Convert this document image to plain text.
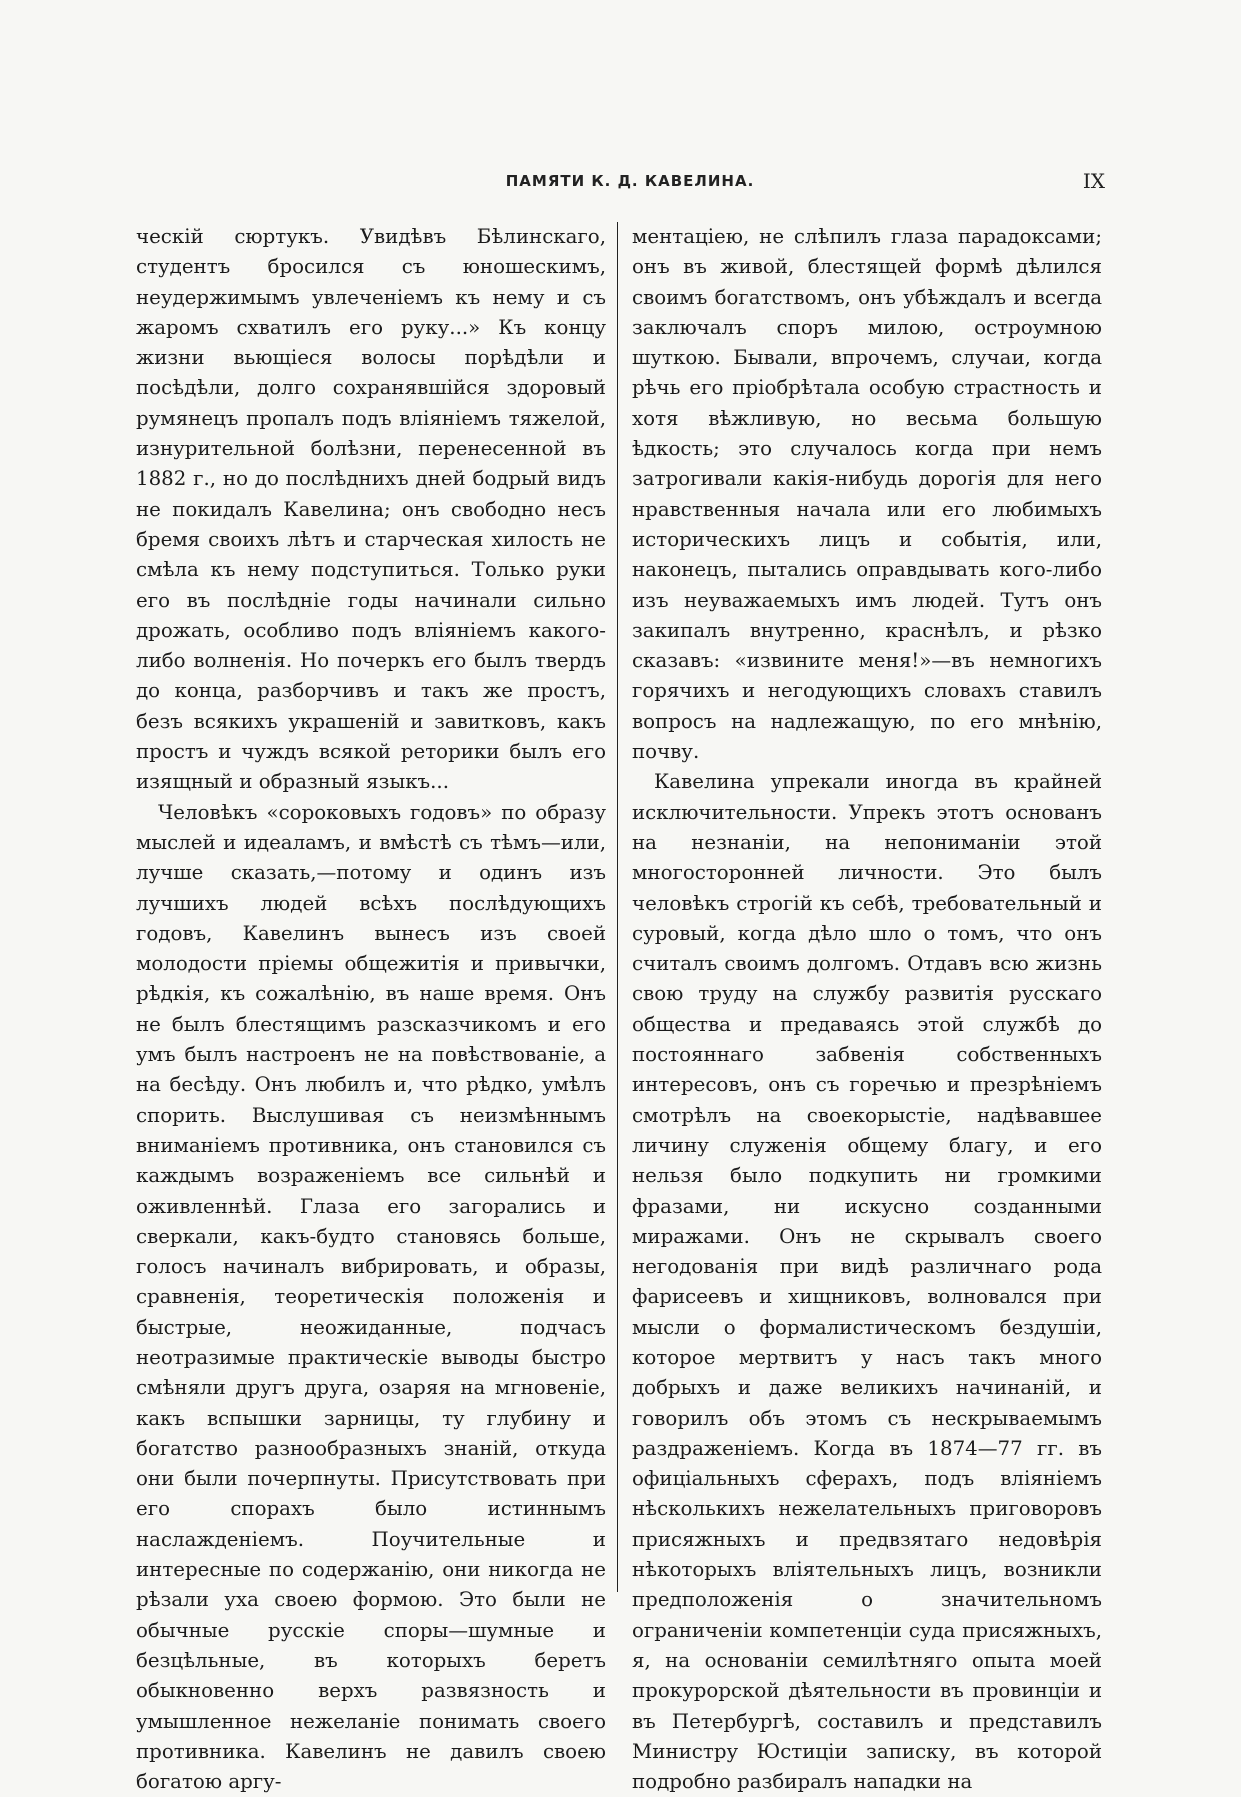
ПАМЯТИ К. Д. КАВЕЛИНА.	IX

ческій сюртукъ. Увидѣвъ Бѣлинскаго, студентъ бросился съ юношескимъ, неудержимымъ увлеченіемъ къ нему и съ жаромъ схватилъ его руку...» Къ концу жизни вьющіеся волосы порѣдѣли и посѣдѣли, долго сохранявшійся здоровый румянецъ пропалъ подъ вліяніемъ тяжелой, изнурительной болѣзни, перенесенной въ 1882 г., но до послѣднихъ дней бодрый видъ не покидалъ Кавелина; онъ свободно несъ бремя своихъ лѣтъ и старческая хилость не смѣла къ нему подступиться. Только руки его въ послѣдніе годы начинали сильно дрожать, особливо подъ вліяніемъ какого-либо волненія. Но почеркъ его былъ твердъ до конца, разборчивъ и такъ же простъ, безъ всякихъ украшеній и завитковъ, какъ простъ и чуждъ всякой реторики былъ его изящный и образный языкъ...

Человѣкъ «сороковыхъ годовъ» по образу мыслей и идеаламъ, и вмѣстѣ съ тѣмъ—или, лучше сказать,—потому и одинъ изъ лучшихъ людей всѣхъ послѣдующихъ годовъ, Кавелинъ вынесъ изъ своей молодости пріемы общежитія и привычки, рѣдкія, къ сожалѣнію, въ наше время. Онъ не былъ блестящимъ разсказчикомъ и его умъ былъ настроенъ не на повѣствованіе, а на бесѣду. Онъ любилъ и, что рѣдко, умѣлъ спорить. Выслушивая съ неизмѣннымъ вниманіемъ противника, онъ становился съ каждымъ возраженіемъ все сильнѣй и оживленнѣй. Глаза его загорались и сверкали, какъ-будто становясь больше, голосъ начиналъ вибрировать, и образы, сравненія, теоретическія положенія и быстрые, неожиданные, подчасъ неотразимые практическіе выводы быстро смѣняли другъ друга, озаряя на мгновеніе, какъ вспышки зарницы, ту глубину и богатство разнообразныхъ знаній, откуда они были почерпнуты. Присутствовать при его спорахъ было истиннымъ наслажденіемъ. Поучительные и интересные по содержанію, они никогда не рѣзали уха своею формою. Это были не обычные русскіе споры—шумные и безцѣльные, въ которыхъ беретъ обыкновенно верхъ развязность и умышленное нежеланіе понимать своего противника. Кавелинъ не давилъ своею богатою аргу-

ментаціею, не слѣпилъ глаза парадоксами; онъ въ живой, блестящей формѣ дѣлился своимъ богатствомъ, онъ убѣждалъ и всегда заключалъ споръ милою, остроумною шуткою. Бывали, впрочемъ, случаи, когда рѣчь его пріобрѣтала особую страстность и хотя вѣжливую, но весьма большую ѣдкость; это случалось когда при немъ затрогивали какія-нибудь дорогія для него нравственныя начала или его любимыхъ историческихъ лицъ и событія, или, наконецъ, пытались оправдывать кого-либо изъ неуважаемыхъ имъ людей. Тутъ онъ закипалъ внутренно, краснѣлъ, и рѣзко сказавъ: «извините меня!»—въ немногихъ горячихъ и негодующихъ словахъ ставилъ вопросъ на надлежащую, по его мнѣнію, почву.

Кавелина упрекали иногда въ крайней исключительности. Упрекъ этотъ основанъ на незнаніи, на непониманіи этой многосторонней личности. Это былъ человѣкъ строгій къ себѣ, требовательный и суровый, когда дѣло шло о томъ, что онъ считалъ своимъ долгомъ. Отдавъ всю жизнь свою труду на службу развитія русскаго общества и предаваясь этой службѣ до постояннаго забвенія собственныхъ интересовъ, онъ съ горечью и презрѣніемъ смотрѣлъ на своекорыстіе, надѣвавшее личину служенія общему благу, и его нельзя было подкупить ни громкими фразами, ни искусно созданными миражами. Онъ не скрывалъ своего негодованія при видѣ различнаго рода фарисеевъ и хищниковъ, волновался при мысли о формалистическомъ бездушіи, которое мертвитъ у насъ такъ много добрыхъ и даже великихъ начинаній, и говорилъ объ этомъ съ нескрываемымъ раздраженіемъ. Когда въ 1874—77 гг. въ офиціальныхъ сферахъ, подъ вліяніемъ нѣсколькихъ нежелательныхъ приговоровъ присяжныхъ и предвзятаго недовѣрія нѣкоторыхъ вліятельныхъ лицъ, возникли предположенія о значительномъ ограниченіи компетенціи суда присяжныхъ, я, на основаніи семилѣтняго опыта моей прокурорской дѣятельности въ провинціи и въ Петербургѣ, составилъ и представилъ Министру Юстиціи записку, въ которой подробно разбиралъ нападки на
